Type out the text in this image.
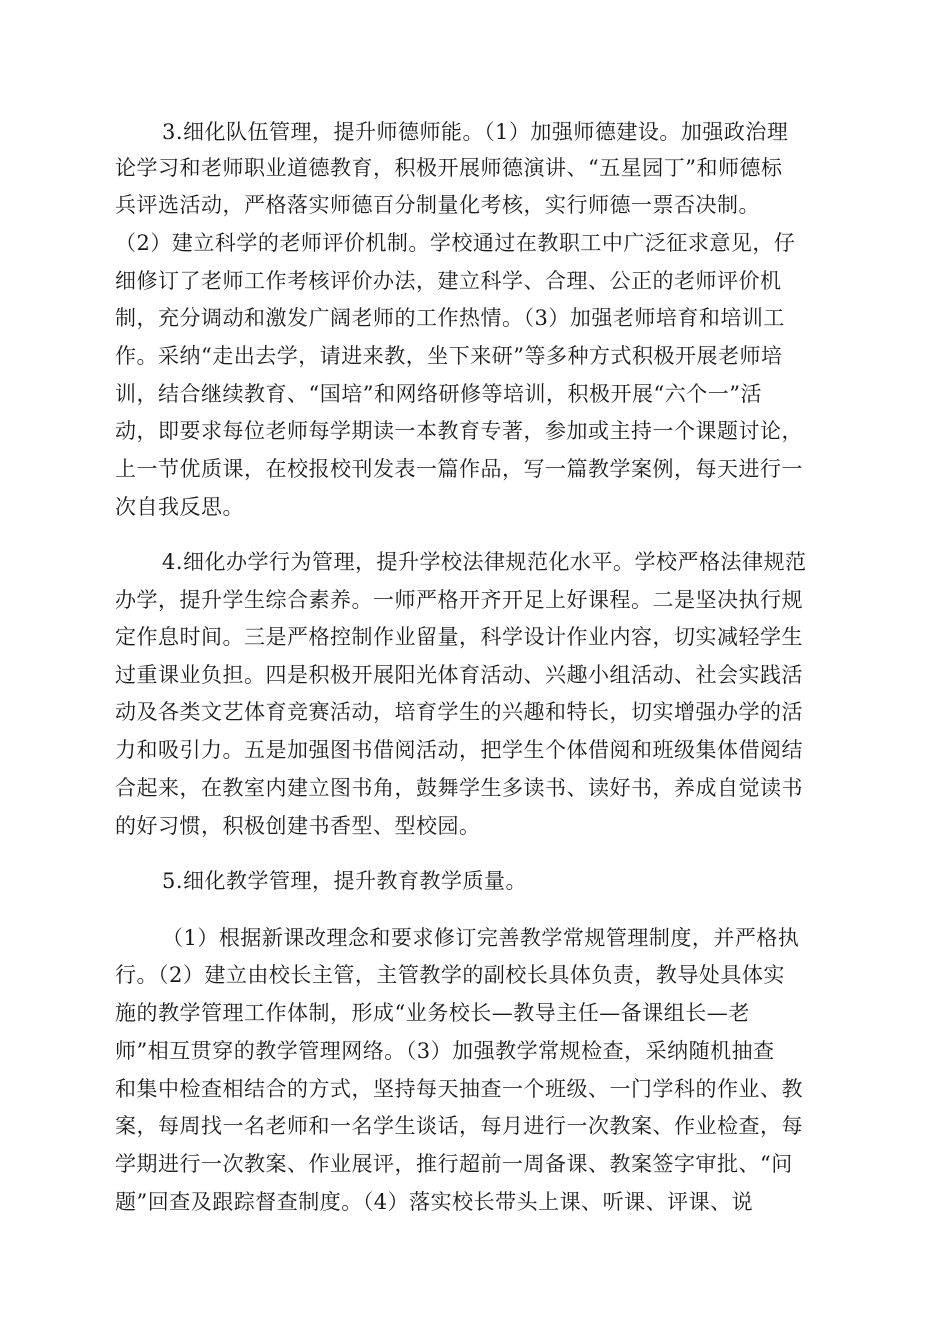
3.细化队伍管理，提升师德师能。（1）加强师德建设。加强政治理
论学习和老师职业道德教育，积极开展师德演讲、“五星园丁”和师德标
兵评选活动，严格落实师德百分制量化考核，实行师德一票否决制。
（2）建立科学的老师评价机制。学校通过在教职工中广泛征求意见，仔
细修订了老师工作考核评价办法，建立科学、合理、公正的老师评价机
制，充分调动和激发广阔老师的工作热情。（3）加强老师培育和培训工
作。采纳“走出去学，请进来教，坐下来研”等多种方式积极开展老师培
训，结合继续教育、“国培”和网络研修等培训，积极开展“六个一”活
动，即要求每位老师每学期读一本教育专著，参加或主持一个课题讨论，
上一节优质课，在校报校刊发表一篇作品，写一篇教学案例，每天进行一
次自我反思。
4.细化办学行为管理，提升学校法律规范化水平。学校严格法律规范
办学，提升学生综合素养。一师严格开齐开足上好课程。二是坚决执行规
定作息时间。三是严格控制作业留量，科学设计作业内容，切实减轻学生
过重课业负担。四是积极开展阳光体育活动、兴趣小组活动、社会实践活
动及各类文艺体育竞赛活动，培育学生的兴趣和特长，切实增强办学的活
力和吸引力。五是加强图书借阅活动，把学生个体借阅和班级集体借阅结
合起来，在教室内建立图书角，鼓舞学生多读书、读好书，养成自觉读书
的好习惯，积极创建书香型、型校园。
5.细化教学管理，提升教育教学质量。
（1）根据新课改理念和要求修订完善教学常规管理制度，并严格执
行。（2）建立由校长主管，主管教学的副校长具体负责，教导处具体实
施的教学管理工作体制，形成“业务校长—教导主任—备课组长—老
师”相互贯穿的教学管理网络。（3）加强教学常规检查，采纳随机抽查
和集中检查相结合的方式，坚持每天抽查一个班级、一门学科的作业、教
案，每周找一名老师和一名学生谈话，每月进行一次教案、作业检查，每
学期进行一次教案、作业展评，推行超前一周备课、教案签字审批、“问
题”回查及跟踪督查制度。（4）落实校长带头上课、听课、评课、说
